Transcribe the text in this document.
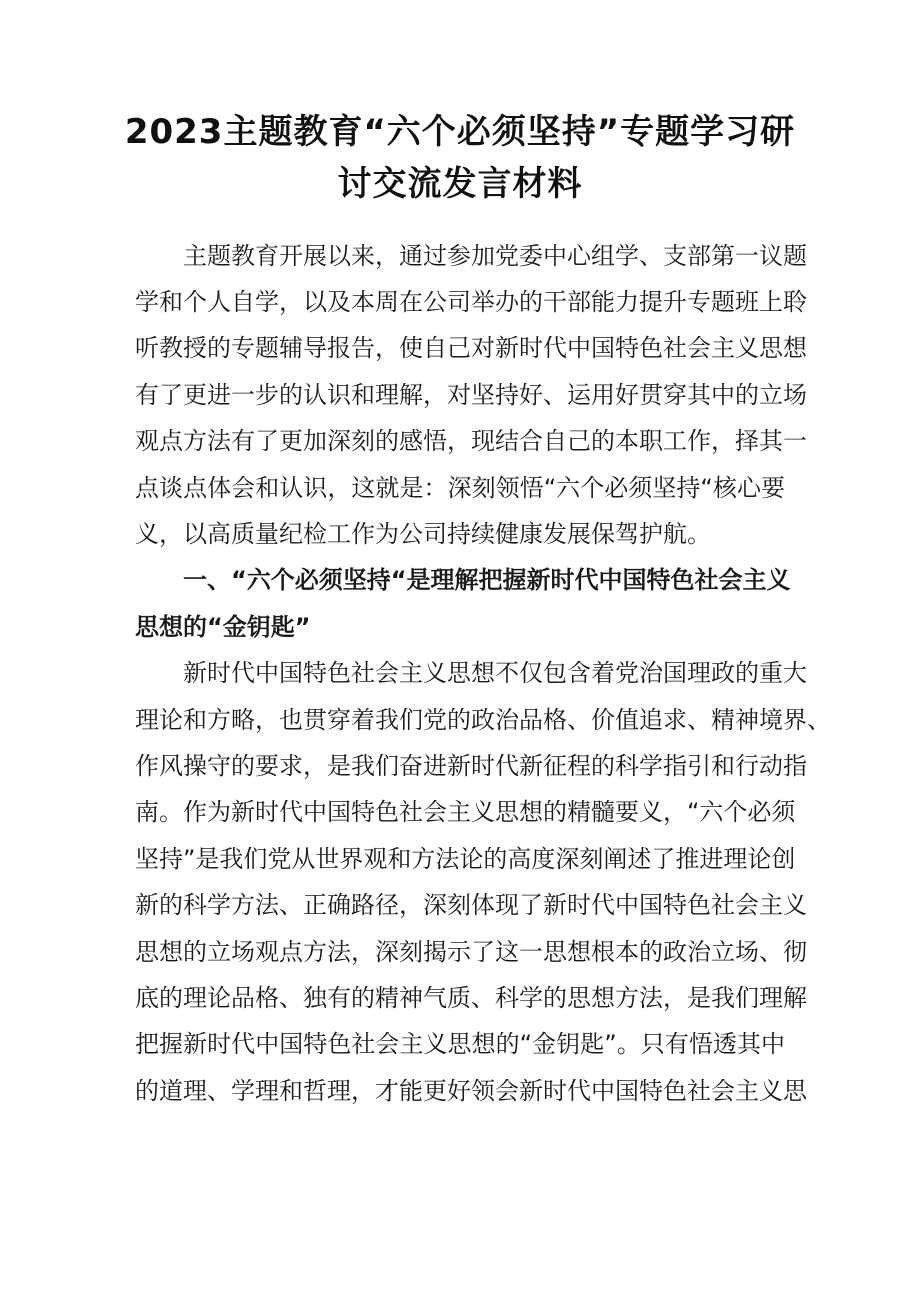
2023主题教育“六个必须坚持”专题学习研
讨交流发言材料
主题教育开展以来，通过参加党委中心组学、支部第一议题
学和个人自学，以及本周在公司举办的干部能力提升专题班上聆
听教授的专题辅导报告，使自己对新时代中国特色社会主义思想
有了更进一步的认识和理解，对坚持好、运用好贯穿其中的立场
观点方法有了更加深刻的感悟，现结合自己的本职工作，择其一
点谈点体会和认识，这就是：深刻领悟“六个必须坚持“核心要
义，以高质量纪检工作为公司持续健康发展保驾护航。
一、“六个必须坚持“是理解把握新时代中国特色社会主义
思想的“金钥匙”
新时代中国特色社会主义思想不仅包含着党治国理政的重大
理论和方略，也贯穿着我们党的政治品格、价值追求、精神境界、
作风操守的要求，是我们奋进新时代新征程的科学指引和行动指
南。作为新时代中国特色社会主义思想的精髓要义，“六个必须
坚持”是我们党从世界观和方法论的高度深刻阐述了推进理论创
新的科学方法、正确路径，深刻体现了新时代中国特色社会主义
思想的立场观点方法，深刻揭示了这一思想根本的政治立场、彻
底的理论品格、独有的精神气质、科学的思想方法，是我们理解
把握新时代中国特色社会主义思想的“金钥匙”。只有悟透其中
的道理、学理和哲理，才能更好领会新时代中国特色社会主义思
